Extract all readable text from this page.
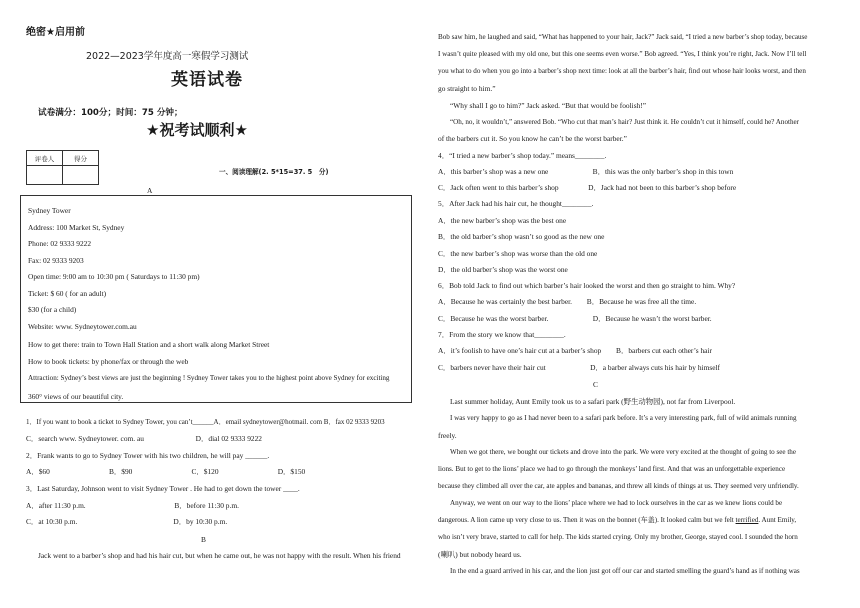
绝密★启用前
2022—2023学年度高一寒假学习测试
英语试卷
试卷满分：100分；时间：75 分钟；
★祝考试顺利★
一、阅读理解(2. 5*15=37. 5　分)
A
评卷人	得分

Sydney Tower
Address: 100 Market St, Sydney
Phone: 02 9333 9222
Fax: 02 9333 9203
Open time: 9:00 am to 10:30 pm ( Saturdays to 11:30 pm)
Ticket: $ 60 ( for an adult)
$30 (for a child)
Website: www. Sydneytower.com.au
How to get there: train to Town Hall Station and a short walk along Market Street
How to book tickets: by phone/fax or through the web
Attraction: Sydney’s best views are just the beginning ! Sydney Tower takes you to the highest point above Sydney for exciting
360° views of our beautiful city.
1．If you want to book a ticket to Sydney Tower, you can’t______A．email sydneytower@hotmail. com B．fax 02 9333 9203
C．search www. Sydneytower. com. au　　　　　　　D．dial 02 9333 9222
2．Frank wants to go to Sydney Tower with his two children, he will pay ______.
A．$60　　　　　　　　B．$90　　　　　　　　C．$120　　　　　　　　D．$150
3．Last Saturday, Johnson went to visit Sydney Tower . He had to get down the tower ____.
A．after 11:30 p.m.　　　　　　　　　　　　B．before 11:30 p.m.
C．at 10:30 p.m.　　　　　　　　　　　　　D．by 10:30 p.m.
B
Jack went to a barber’s shop and had his hair cut, but when he came out, he was not happy with the result. When his friend
Bob saw him, he laughed and said, “What has happened to your hair, Jack?” Jack said, “I tried a new barber’s shop today, because
I wasn’t quite pleased with my old one, but this one seems even worse.” Bob agreed. “Yes, I think you’re right, Jack. Now I’ll tell
you what to do when you go into a barber’s shop next time: look at all the barber’s hair, find out whose hair looks worst, and then
go straight to him.”
“Why shall I go to him?” Jack asked. “But that would be foolish!”
“Oh, no, it wouldn’t,” answered Bob. “Who cut that man’s hair? Just think it. He couldn’t cut it himself, could he? Another
of the barbers cut it. So you know he can’t be the worst barber.”
4．“I tried a new barber’s shop today.” means________.
A．this barber’s shop was a new one　　　　　　B．this was the only barber’s shop in this town
C．Jack often went to this barber’s shop　　　　D．Jack had not been to this barber’s shop before
5．After Jack had his hair cut, he thought________.
A．the new barber’s shop was the best one
B．the old barber’s shop wasn’t so good as the new one
C．the new barber’s shop was worse than the old one
D．the old barber’s shop was the worst one
6．Bob told Jack to find out which barber’s hair looked the worst and then go straight to him. Why?
A．Because he was certainly the best barber.　　B．Because he was free all the time.
C．Because he was the worst barber.　　　　　　D．Because he wasn’t the worst barber.
7．From the story we know that________.
A．it’s foolish to have one’s hair cut at a barber’s shop　　B．barbers cut each other’s hair
C．barbers never have their hair cut　　　　　　D．a barber always cuts his hair by himself
C
Last summer holiday, Aunt Emily took us to a safari park (野生动物园), not far from Liverpool.
I was very happy to go as I had never been to a safari park before. It’s a very interesting park, full of wild animals running
freely.
When we got there, we bought our tickets and drove into the park. We were very excited at the thought of going to see the
lions. But to get to the lions’ place we had to go through the monkeys’ land first. And that was an unforgettable experience
because they climbed all over the car, ate apples and bananas, and threw all kinds of things at us. They seemed very unfriendly.
Anyway, we went on our way to the lions’ place where we had to lock ourselves in the car as we knew lions could be
dangerous. A lion came up very close to us. Then it was on the bonnet (车盖). It looked calm but we felt terrified. Aunt Emily,
who isn’t very brave, started to call for help. The kids started crying. Only my brother, George, stayed cool. I sounded the horn
(喇叭) but nobody heard us.
In the end a guard arrived in his car, and the lion just got off our car and started smelling the guard’s hand as if nothing was
